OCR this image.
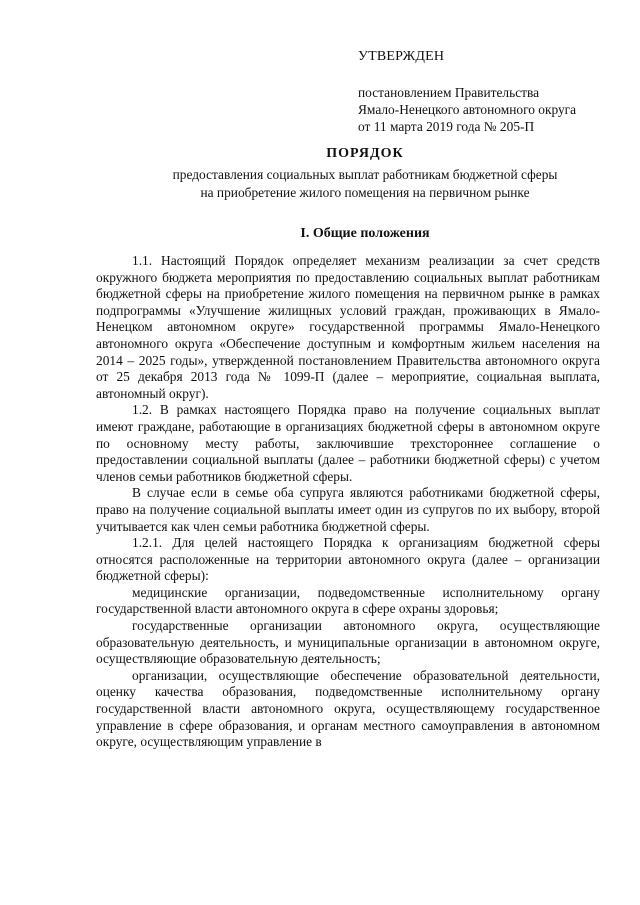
УТВЕРЖДЕН
постановлением Правительства
Ямало-Ненецкого автономного округа
от 11 марта 2019 года № 205-П
ПОРЯДОК
предоставления социальных выплат работникам бюджетной сферы
на приобретение жилого помещения на первичном рынке
I. Общие положения

1.1. Настоящий Порядок определяет механизм реализации за счет средств окружного бюджета мероприятия по предоставлению социальных выплат работникам бюджетной сферы на приобретение жилого помещения на первичном рынке в рамках подпрограммы «Улучшение жилищных условий граждан, проживающих в Ямало-Ненецком автономном округе» государственной программы Ямало-Ненецкого автономного округа «Обеспечение доступным и комфортным жильем населения на 2014 – 2025 годы», утвержденной постановлением Правительства автономного округа от 25 декабря 2013 года № 1099-П (далее – мероприятие, социальная выплата, автономный округ).

1.2. В рамках настоящего Порядка право на получение социальных выплат имеют граждане, работающие в организациях бюджетной сферы в автономном округе по основному месту работы, заключившие трехстороннее соглашение о предоставлении социальной выплаты (далее – работники бюджетной сферы) с учетом членов семьи работников бюджетной сферы.

В случае если в семье оба супруга являются работниками бюджетной сферы, право на получение социальной выплаты имеет один из супругов по их выбору, второй учитывается как член семьи работника бюджетной сферы.

1.2.1. Для целей настоящего Порядка к организациям бюджетной сферы относятся расположенные на территории автономного округа (далее – организации бюджетной сферы):

медицинские организации, подведомственные исполнительному органу государственной власти автономного округа в сфере охраны здоровья;

государственные организации автономного округа, осуществляющие образовательную деятельность, и муниципальные организации в автономном округе, осуществляющие образовательную деятельность;

организации, осуществляющие обеспечение образовательной деятельности, оценку качества образования, подведомственные исполнительному органу государственной власти автономного округа, осуществляющему государственное управление в сфере образования, и органам местного самоуправления в автономном округе, осуществляющим управление в
